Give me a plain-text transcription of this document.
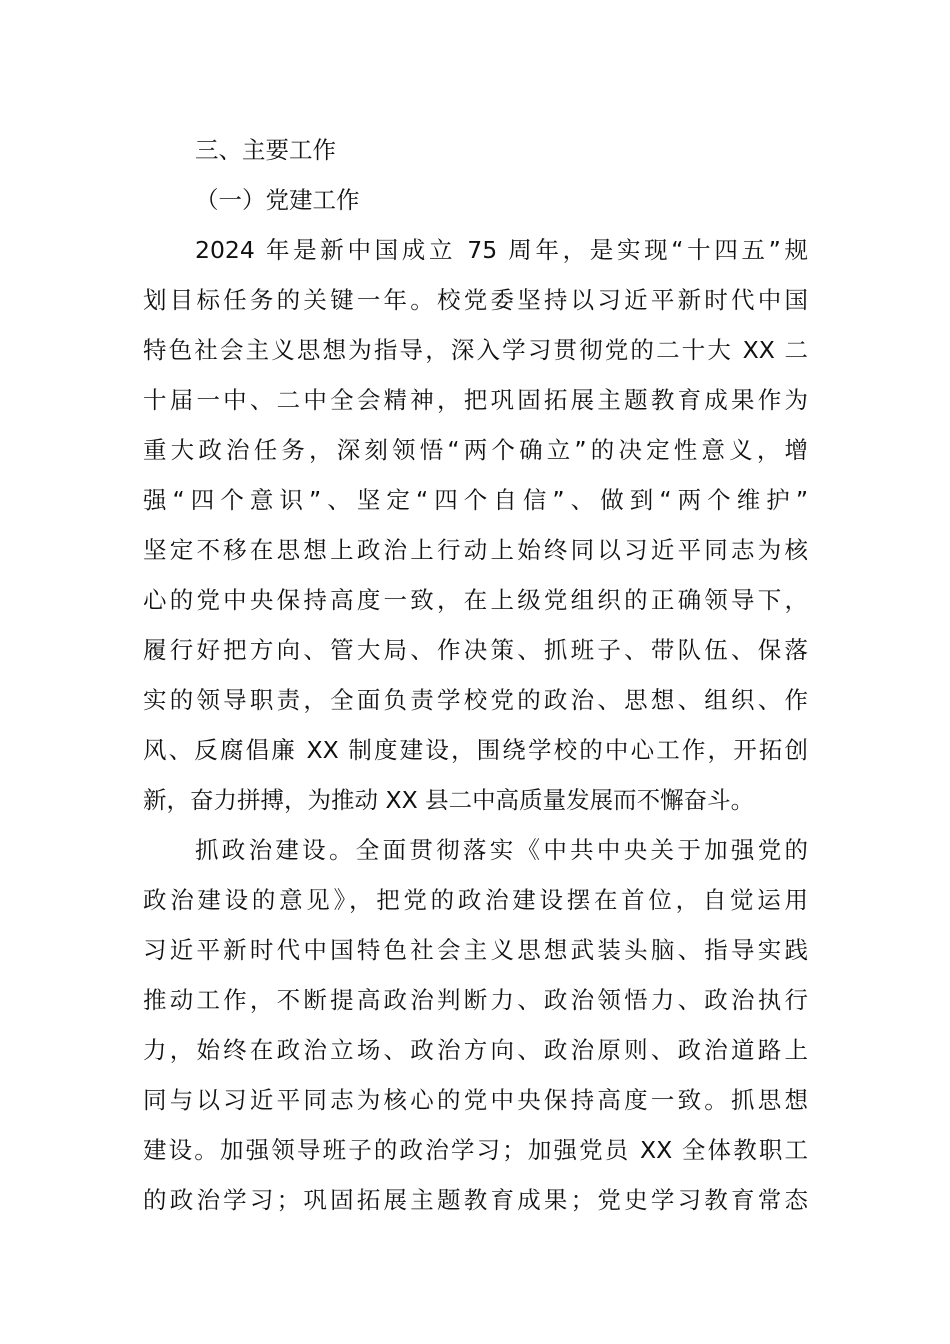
三、主要工作
（一）党建工作
2024 年是新中国成立 75 周年，是实现“十四五”规
划目标任务的关键一年。校党委坚持以习近平新时代中国
特色社会主义思想为指导，深入学习贯彻党的二十大 XX 二
十届一中、二中全会精神，把巩固拓展主题教育成果作为
重大政治任务，深刻领悟“两个确立”的决定性意义，增
强“四个意识”、坚定“四个自信”、做到“两个维护”
坚定不移在思想上政治上行动上始终同以习近平同志为核
心的党中央保持高度一致，在上级党组织的正确领导下，
履行好把方向、管大局、作决策、抓班子、带队伍、保落
实的领导职责，全面负责学校党的政治、思想、组织、作
风、反腐倡廉 XX 制度建设，围绕学校的中心工作，开拓创
新，奋力拼搏，为推动 XX 县二中高质量发展而不懈奋斗。
抓政治建设。全面贯彻落实《中共中央关于加强党的
政治建设的意见》，把党的政治建设摆在首位，自觉运用
习近平新时代中国特色社会主义思想武装头脑、指导实践
推动工作，不断提高政治判断力、政治领悟力、政治执行
力，始终在政治立场、政治方向、政治原则、政治道路上
同与以习近平同志为核心的党中央保持高度一致。抓思想
建设。加强领导班子的政治学习；加强党员 XX 全体教职工
的政治学习；巩固拓展主题教育成果；党史学习教育常态
